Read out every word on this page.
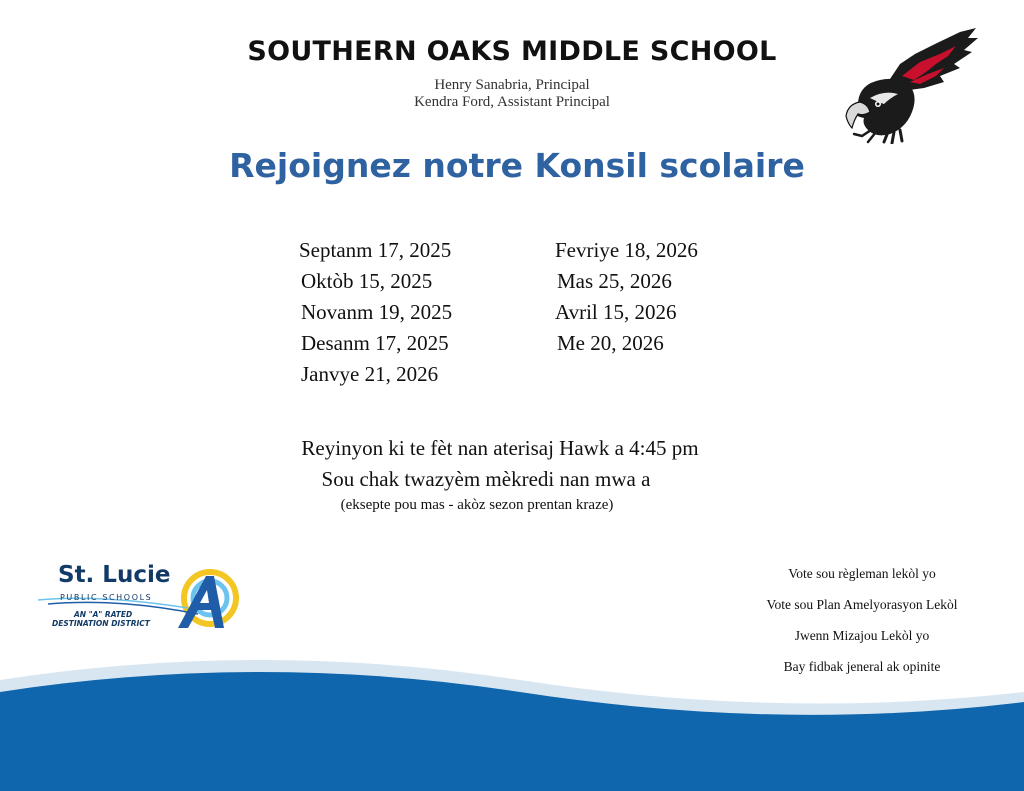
SOUTHERN OAKS MIDDLE SCHOOL
Henry Sanabria, Principal
Kendra Ford, Assistant Principal
Rejoignez notre Konsil scolaire
Septanm 17, 2025
Oktòb 15, 2025
Novanm 19, 2025
Desanm 17, 2025
Janvye 21, 2026
Fevriye 18, 2026
Mas 25, 2026
Avril 15, 2026
Me 20, 2026
Reyinyon ki te fèt nan aterisaj Hawk a 4:45 pm
Sou chak twazyèm mèkredi nan mwa a
(eksepte pou mas - akòz sezon prentan kraze)
St. Lucie
PUBLIC SCHOOLS
AN "A" RATED
DESTINATION DISTRICT
Vote sou règleman lekòl yo
Vote sou Plan Amelyorasyon Lekòl
Jwenn Mizajou Lekòl yo
Bay fidbak jeneral ak opinite
